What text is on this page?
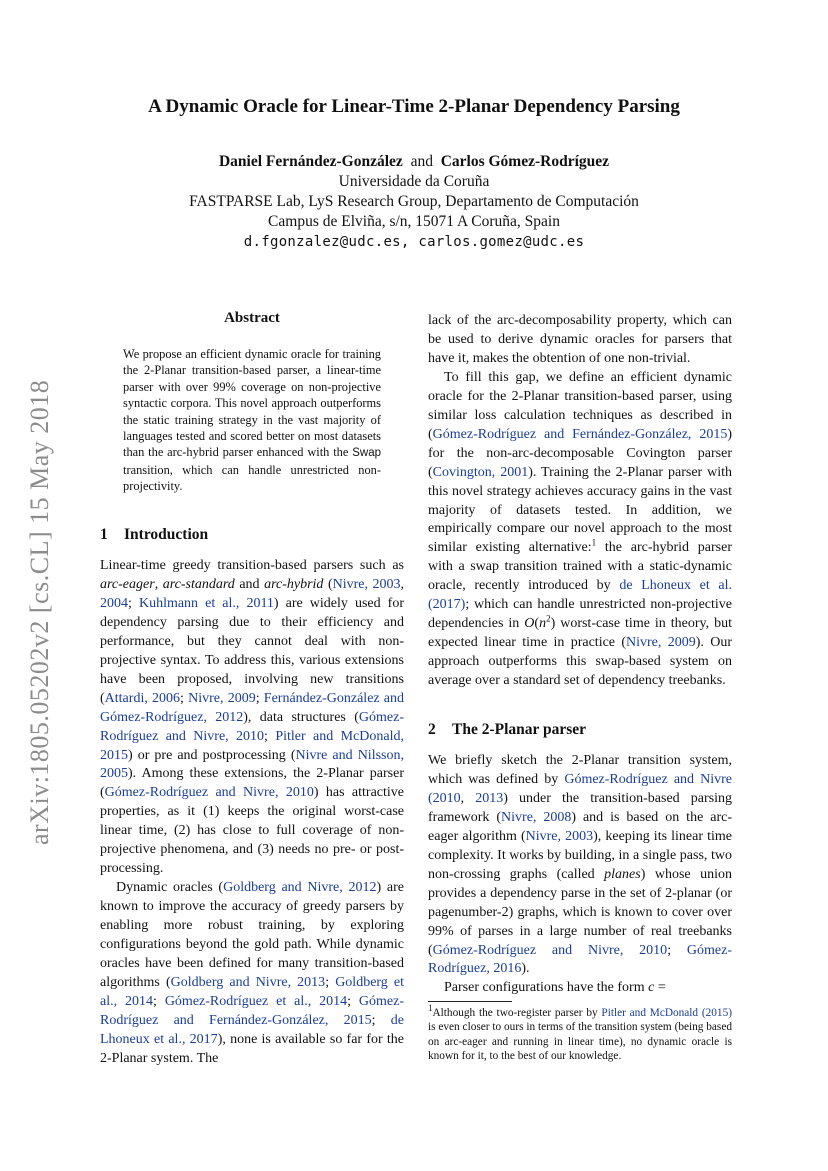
arXiv:1805.05202v2 [cs.CL] 15 May 2018
A Dynamic Oracle for Linear-Time 2-Planar Dependency Parsing
Daniel Fernández-González and Carlos Gómez-Rodríguez
Universidade da Coruña
FASTPARSE Lab, LyS Research Group, Departamento de Computación
Campus de Elviña, s/n, 15071 A Coruña, Spain
d.fgonzalez@udc.es, carlos.gomez@udc.es
Abstract
We propose an efficient dynamic oracle for training the 2-Planar transition-based parser, a linear-time parser with over 99% coverage on non-projective syntactic corpora. This novel approach outperforms the static training strategy in the vast majority of languages tested and scored better on most datasets than the arc-hybrid parser enhanced with the Swap transition, which can handle unrestricted non-projectivity.
1 Introduction

Linear-time greedy transition-based parsers such as arc-eager, arc-standard and arc-hybrid (Nivre, 2003, 2004; Kuhlmann et al., 2011) are widely used for dependency parsing due to their efficiency and performance, but they cannot deal with non-projective syntax. To address this, various extensions have been proposed, involving new transitions (Attardi, 2006; Nivre, 2009; Fernández-González and Gómez-Rodríguez, 2012), data structures (Gómez-Rodríguez and Nivre, 2010; Pitler and McDonald, 2015) or pre and postprocessing (Nivre and Nilsson, 2005). Among these extensions, the 2-Planar parser (Gómez-Rodríguez and Nivre, 2010) has attractive properties, as it (1) keeps the original worst-case linear time, (2) has close to full coverage of non-projective phenomena, and (3) needs no pre- or post-processing.

Dynamic oracles (Goldberg and Nivre, 2012) are known to improve the accuracy of greedy parsers by enabling more robust training, by exploring configurations beyond the gold path. While dynamic oracles have been defined for many transition-based algorithms (Goldberg and Nivre, 2013; Goldberg et al., 2014; Gómez-Rodríguez et al., 2014; Gómez-Rodríguez and Fernández-González, 2015; de Lhoneux et al., 2017), none is available so far for the 2-Planar system. The

lack of the arc-decomposability property, which can be used to derive dynamic oracles for parsers that have it, makes the obtention of one non-trivial.

To fill this gap, we define an efficient dynamic oracle for the 2-Planar transition-based parser, using similar loss calculation techniques as described in (Gómez-Rodríguez and Fernández-González, 2015) for the non-arc-decomposable Covington parser (Covington, 2001). Training the 2-Planar parser with this novel strategy achieves accuracy gains in the vast majority of datasets tested. In addition, we empirically compare our novel approach to the most similar existing alternative:$^1$ the arc-hybrid parser with a swap transition trained with a static-dynamic oracle, recently introduced by de Lhoneux et al. (2017); which can handle unrestricted non-projective dependencies in $O(n^2)$ worst-case time in theory, but expected linear time in practice (Nivre, 2009). Our approach outperforms this swap-based system on average over a standard set of dependency treebanks.

2 The 2-Planar parser

We briefly sketch the 2-Planar transition system, which was defined by Gómez-Rodríguez and Nivre (2010, 2013) under the transition-based parsing framework (Nivre, 2008) and is based on the arc-eager algorithm (Nivre, 2003), keeping its linear time complexity. It works by building, in a single pass, two non-crossing graphs (called planes) whose union provides a dependency parse in the set of 2-planar (or pagenumber-2) graphs, which is known to cover over 99% of parses in a large number of real treebanks (Gómez-Rodríguez and Nivre, 2010; Gómez-Rodríguez, 2016).

Parser configurations have the form c =

$^1$Although the two-register parser by Pitler and McDonald (2015) is even closer to ours in terms of the transition system (being based on arc-eager and running in linear time), no dynamic oracle is known for it, to the best of our knowledge.
